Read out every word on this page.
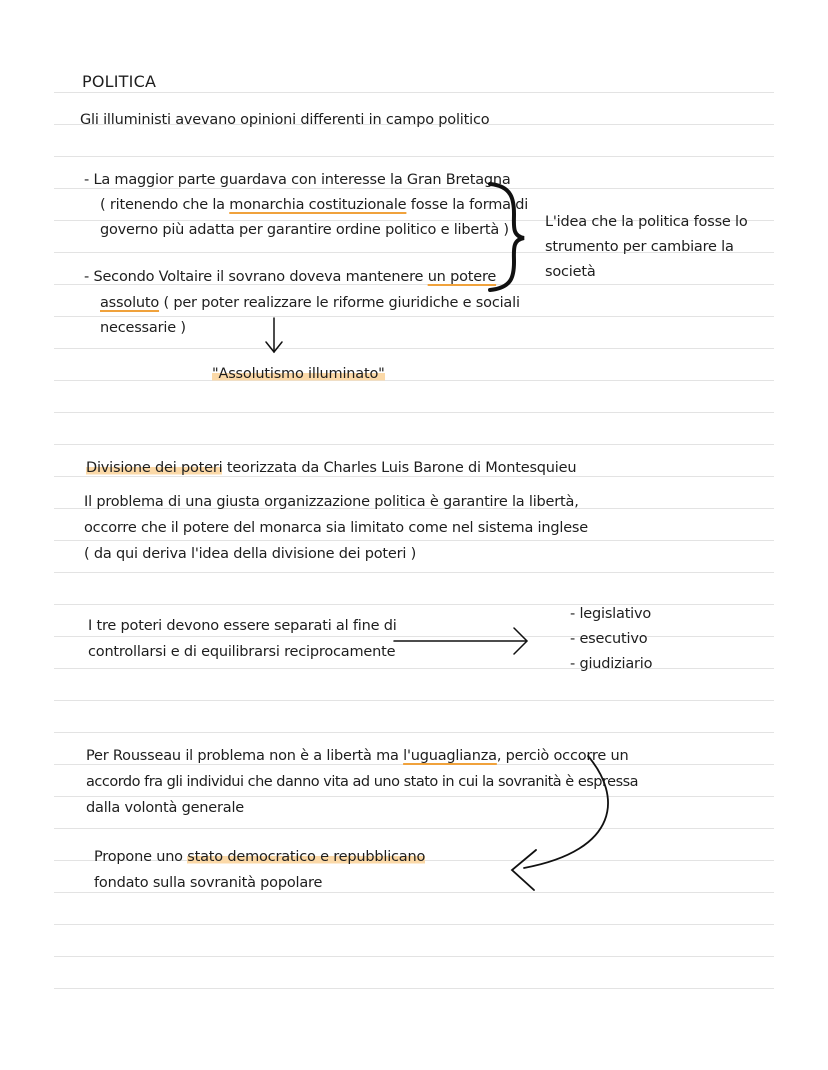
POLITICA
Gli illuministi avevano opinioni differenti in campo politico
- La maggior parte guardava con interesse la Gran Bretagna
( ritenendo che la monarchia costituzionale fosse la forma di
governo più adatta per garantire ordine politico e libertà )
- Secondo Voltaire il sovrano doveva mantenere un potere
assoluto ( per poter realizzare le riforme giuridiche e sociali
necessarie )
L'idea che la politica fosse lo
strumento per cambiare la
società
"Assolutismo illuminato"
Divisione dei poteri teorizzata da Charles Luis Barone di Montesquieu
Il problema di una giusta organizzazione politica è garantire la libertà,
occorre che il potere del monarca sia limitato come nel sistema inglese
( da qui deriva l'idea della divisione dei poteri )
I tre poteri devono essere separati al fine di
controllarsi e di equilibrarsi reciprocamente
- legislativo
- esecutivo
- giudiziario
Per Rousseau il problema non è a libertà ma l'uguaglianza, perciò occorre un
accordo fra gli individui che danno vita ad uno stato in cui la sovranità è espressa
dalla volontà generale
Propone uno stato democratico e repubblicano
fondato sulla sovranità popolare
